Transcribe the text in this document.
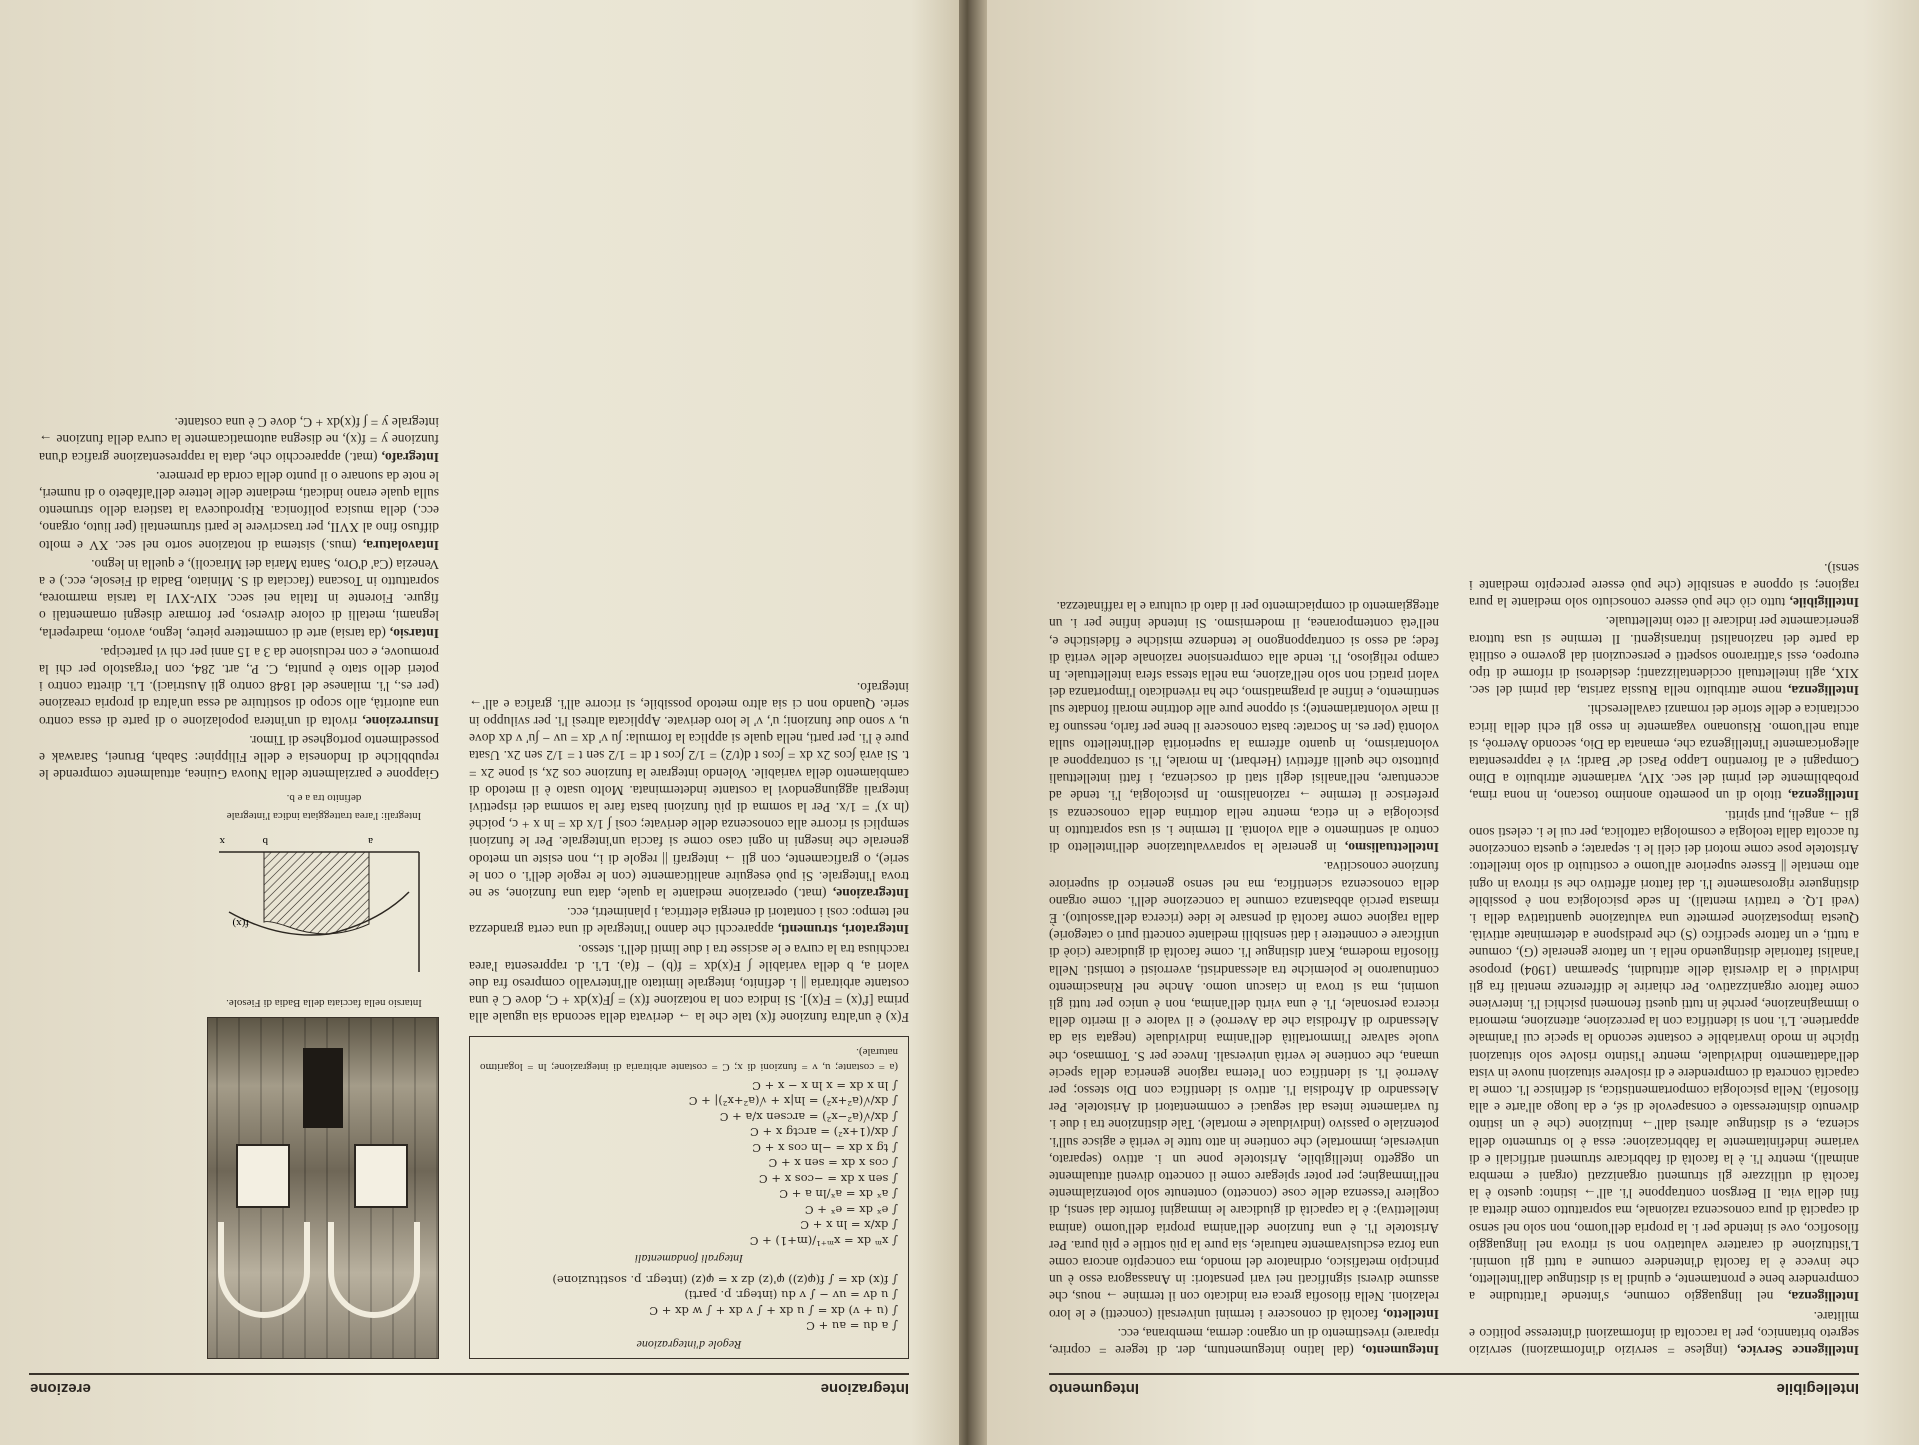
Intellegibile
Integumento

Intelligence Service, (inglese = servizio d'informazioni) servizio segreto britannico, per la raccolta di informazioni d'interesse politico e militare.

Intelligenza, nel linguaggio comune, s'intende l'attitudine a comprendere bene e prontamente, e quindi la si distingue dall'intelletto, che invece è la facoltà d'intendere comune a tutti gli uomini. L'istituzione di carattere valutativo non si ritrova nel linguaggio filosofico, ove si intende per i. la propria dell'uomo, non solo nel senso di capacità di pura conoscenza razionale, ma soprattutto come diretta ai fini della vita. Il Bergson contrappone l'i. all'→ istinto: questo è la facoltà di utilizzare gli strumenti organizzati (organi e membra animali), mentre l'i. è la facoltà di fabbricare strumenti artificiali e di variarne indefinitamente la fabbricazione: essa è lo strumento della scienza, e si distingue altresì dall'→ intuizione (che è un istinto divenuto disinteressato e consapevole di sé, e da luogo all'arte e alla filosofia). Nella psicologia comportamentistica, si definisce l'i. come la capacità concreta di comprendere e di risolvere situazioni nuove in vista dell'adattamento individuale, mentre l'istinto risolve solo situazioni tipiche in modo invariabile e costante secondo la specie cui l'animale appartiene. L'i. non si identifica con la percezione, attenzione, memoria o immaginazione, perché in tutti questi fenomeni psichici l'i. interviene come fattore organizzativo. Per chiarire le differenze mentali fra gli individui e la diversità delle attitudini, Spearman (1904) propose l'analisi fattoriale distinguendo nella i. un fattore generale (G), comune a tutti, e un fattore specifico (S) che predispone a determinate attività. Questa impostazione permette una valutazione quantitativa della i. (vedi I.Q. e trattivi mentali). In sede psicologica non è possibile distinguere rigorosamente l'i. dai fattori affettivo che si ritrova in ogni atto mentale || Essere superiore all'uomo e costituito di solo intelletto: Aristotele pose come motori dei cieli le i. separate; e questa concezione fu accolta dalla teologia e cosmologia cattolica, per cui le i. celesti sono gli → angeli, puri spiriti.

Intelligenza, titolo di un poemetto anonimo toscano, in nona rima, probabilmente dei primi del sec. XIV, variamente attribuito a Dino Compagni e al fiorentino Lappo Pasci de' Bardi; vi è rappresentata allegoricamente l'intelligenza che, emanata da Dio, secondo Averroè, si attua nell'uomo. Risuonano vagamente in esso gli echi della lirica occitanica e delle storie dei romanzi cavallereschi.

Intelligenza, nome attribuito nella Russia zarista, dai primi del sec. XIX, agli intellettuali occidentalizzanti; desiderosi di riforme di tipo europeo, essi s'attirarono sospetti e persecuzioni dal governo e ostilità da parte dei nazionalisti intransigenti. Il termine si usa tuttora genericamente per indicare il ceto intellettuale.

Intelligibile, tutto ciò che può essere conosciuto solo mediante la pura ragione; si oppone a sensibile (che può essere percepito mediante i sensi).

Integumento, (dal latino integumentum, der. di tegere = coprire, riparare) rivestimento di un organo: derma, membrana, ecc.

Intelletto, facoltà di conoscere i termini universali (concetti) e le loro relazioni. Nella filosofia greca era indicato con il termine → nous, che assume diversi significati nei vari pensatori: in Anassagora esso è un principio metafisico, ordinatore del mondo, ma concepito ancora come una forza esclusivamente naturale, sia pure la più sottile e più pura. Per Aristotele l'i. è una funzione dell'anima propria dell'uomo (anima intellettiva): è la capacità di giudicare le immagini fornite dai sensi, di cogliere l'essenza delle cose (concetto) contenute solo potenzialmente nell'immagine; per poter spiegare come il concetto diventi attualmente un oggetto intelligibile, Aristotele pone un i. attivo (separato, universale, immortale) che contiene in atto tutte le verità e agisce sull'i. potenziale o passivo (individuale e mortale). Tale distinzione tra i due i. fu variamente intesa dai seguaci e commentatori di Aristotele. Per Alessandro di Afrodisia l'i. attivo si identifica con Dio stesso; per Averroè l'i. si identifica con l'eterna ragione generica della specie umana, che contiene le verità universali. Invece per S. Tommaso, che vuole salvare l'immortalità dell'anima individuale (negata sia da Alessandro di Afrodisia che da Averroè) e il valore e il merito della ricerca personale, l'i. è una virtù dell'anima, non è unico per tutti gli uomini, ma si trova in ciascun uomo. Anche nel Rinascimento continuarono le polemiche tra alessandristi, averroisti e tomisti. Nella filosofia moderna, Kant distingue l'i. come facoltà di giudicare (cioè di unificare e connettere i dati sensibili mediante concetti puri o categorie) dalla ragione come facoltà di pensare le idee (ricerca dell'assoluto). È rimasta perciò abbastanza comune la concezione dell'i. come organo della conoscenza scientifica, ma nel senso generico di superiore funzione conoscitiva.

Intellettualismo, in generale la sopravvalutazione dell'intelletto di contro al sentimento e alla volontà. Il termine i. si usa soprattutto in psicologia e in etica, mentre nella dottrina della conoscenza si preferisce il termine → razionalismo. In psicologia, l'i. tende ad accentuare, nell'analisi degli stati di coscienza, i fatti intellettuali piuttosto che quelli affettivi (Herbart). In morale, l'i. si contrappone al volontarismo, in quanto afferma la superiorità dell'intelletto sulla volontà (per es. in Socrate: basta conoscere il bene per farlo, nessuno fa il male volontariamente); si oppone pure alle dottrine morali fondate sul sentimento, e infine al pragmatismo, che ha rivendicato l'importanza dei valori pratici non solo nell'azione, ma nella stessa sfera intellettuale. In campo religioso, l'i. tende alla comprensione razionale delle verità di fede; ad esso si contrappongono le tendenze mistiche e fideistiche e, nell'età contemporanea, il modernismo. Si intende infine per i. un atteggiamento di compiacimento per il dato di cultura e la raffinatezza.

Integrazione
erezione
Regole d'integrazione
∫ a du = au + C
∫ (u + v) dx = ∫ u dx + ∫ v dx + ∫ w dx + C
∫ u dv = uv − ∫ v du (integr. p. parti)
∫ f(x) dx = ∫ f(φ(z)) φ'(z) dz x = φ(z) (integr. p. sostituzione)
Integrali fondamentali
∫ xᵐ dx = xᵐ⁺¹/(m+1) + C
∫ dx/x = ln x + C
∫ eˣ dx = eˣ + C
∫ aˣ dx = aˣ/ln a + C
∫ sen x dx = −cos x + C
∫ cos x dx = sen x + C
∫ tg x dx = −ln cos x + C
∫ dx/(1+x²) = arctg x + C
∫ dx/√(a²−x²) = arcsen x/a + C
∫ dx/√(a²+x²) = ln|x + √(a²+x²)| + C
∫ ln x dx = x ln x − x + C
(a = costante; u, v = funzioni di x; C = costante arbitraria di integrazione; ln = logaritmo naturale).

F(x) è un'altra funzione f(x) tale che la → derivata della seconda sia uguale alla prima [f'(x) = F(x)]. Si indica con la notazione f(x) = ∫F(x)dx + C, dove C è una costante arbitraria || i. definito, integrale limitato all'intervallo compreso fra due valori a, b della variabile ∫ F(x)dx = f(b) − f(a). L'i. d. rappresenta l'area racchiusa tra la curva e le ascisse tra i due limiti dell'i. stesso.

Integratori, strumenti, apparecchi che danno l'integrale di una certa grandezza nel tempo: così i contatori di energia elettrica, i planimetri, ecc.

Integrazione, (mat.) operazione mediante la quale, data una funzione, se ne trova l'integrale. Si può eseguire analiticamente (con le regole dell'i. o con le serie), o graficamente, con gli → integrafi || regole di i., non esiste un metodo generale che insegni in ogni caso come si faccia un'integrale. Per le funzioni semplici si ricorre alla conoscenza delle derivate; così ∫ 1/x dx = ln x + c, poiché (ln x)' = 1/x. Per la somma di più funzioni basta fare la somma dei rispettivi integrali aggiungendovi la costante indeterminata. Molto usato è il metodo di cambiamento della variabile. Volendo integrare la funzione cos 2x, si pone 2x = t. Si avrà ∫cos 2x dx = ∫cos t d(t/2) = 1/2 ∫cos t dt = 1/2 sen t = 1/2 sen 2x. Usata pure è l'i. per parti, nella quale si applica la formula: ∫u v' dx = uv − ∫u' v dx dove u, v sono due funzioni; u', v' le loro derivate. Applicata altresì l'i. per sviluppo in serie. Quando non ci sia altro metodo possibile, si ricorre all'i. grafica e all'→ integrafo.

Intarsio nella facciata della Badia di Fiesole.
f(x)
a
b
x
Integrali: l'area tratteggiata indica l'integrale definito tra a e b.

Giappone e parzialmente della Nuova Guinea, attualmente comprende le repubbliche di Indonesia e delle Filippine: Sabah, Brunei, Sarawak e possedimento portoghese di Timor.

Insurrezione, rivolta di un'intera popolazione o di parte di essa contro una autorità, allo scopo di sostituire ad essa un'altra di propria creazione (per es., l'i. milanese del 1848 contro gli Austriaci). L'i. diretta contro i poteri dello stato è punita, C. P., art. 284, con l'ergastolo per chi la promuove, e con reclusione da 3 a 15 anni per chi vi partecipa.

Intarsio, (da tarsia) arte di commettere pietre, legno, avorio, madreperla, legnami, metalli di colore diverso, per formare disegni ornamentali o figure. Fiorente in Italia nei secc. XIV-XVI la tarsia marmorea, soprattutto in Toscana (facciata di S. Miniato, Badia di Fiesole, ecc.) e a Venezia (Ca' d'Oro, Santa Maria dei Miracoli), e quella in legno.

Intavolatura, (mus.) sistema di notazione sorto nel sec. XV e molto diffuso fino al XVII, per trascrivere le parti strumentali (per liuto, organo, ecc.) della musica polifonica. Riproduceva la tastiera dello strumento sulla quale erano indicati, mediante delle lettere dell'alfabeto o di numeri, le note da suonare o il punto della corda da premere.

Integrafo, (mat.) apparecchio che, data la rappresentazione grafica d'una funzione y = f(x), ne disegna automaticamente la curva della funzione → integrale y = ∫ f(x)dx + C, dove C è una costante.
